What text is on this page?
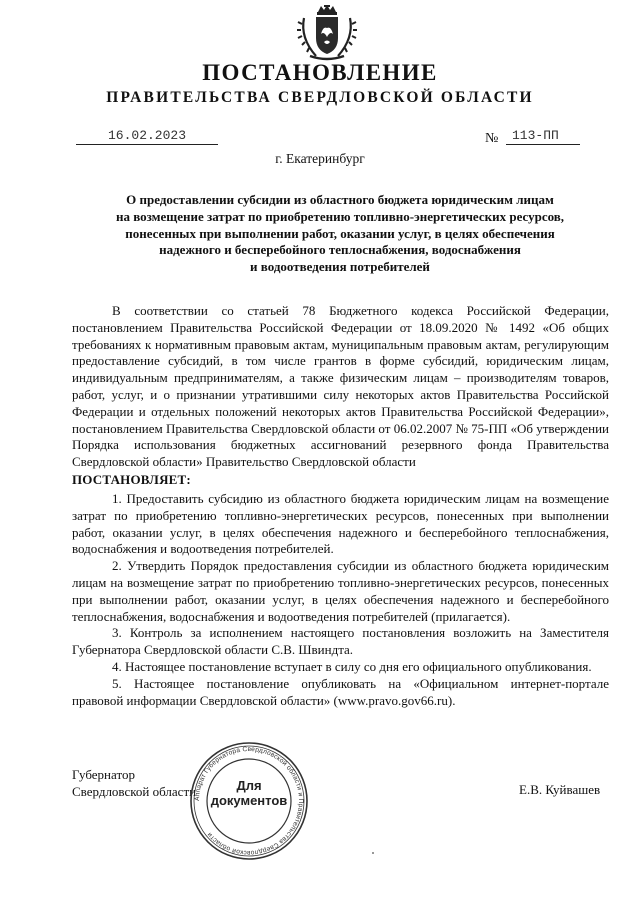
ПОСТАНОВЛЕНИЕ
ПРАВИТЕЛЬСТВА СВЕРДЛОВСКОЙ ОБЛАСТИ
16.02.2023	№	113-ПП
г. Екатеринбург
О предоставлении субсидии из областного бюджета юридическим лицам
на возмещение затрат по приобретению топливно-энергетических ресурсов,
понесенных при выполнении работ, оказании услуг, в целях обеспечения
надежного и бесперебойного теплоснабжения, водоснабжения
и водоотведения потребителей

В соответствии со статьей 78 Бюджетного кодекса Российской Федерации, постановлением Правительства Российской Федерации от 18.09.2020 № 1492 «Об общих требованиях к нормативным правовым актам, муниципальным правовым актам, регулирующим предоставление субсидий, в том числе грантов в форме субсидий, юридическим лицам, индивидуальным предпринимателям, а также физическим лицам – производителям товаров, работ, услуг, и о признании утратившими силу некоторых актов Правительства Российской Федерации и отдельных положений некоторых актов Правительства Российской Федерации», постановлением Правительства Свердловской области от 06.02.2007 № 75-ПП «Об утверждении Порядка использования бюджетных ассигнований резервного фонда Правительства Свердловской области» Правительство Свердловской области

ПОСТАНОВЛЯЕТ:

1. Предоставить субсидию из областного бюджета юридическим лицам на возмещение затрат по приобретению топливно-энергетических ресурсов, понесенных при выполнении работ, оказании услуг, в целях обеспечения надежного и бесперебойного теплоснабжения, водоснабжения и водоотведения потребителей.

2. Утвердить Порядок предоставления субсидии из областного бюджета юридическим лицам на возмещение затрат по приобретению топливно-энергетических ресурсов, понесенных при выполнении работ, оказании услуг, в целях обеспечения надежного и бесперебойного теплоснабжения, водоснабжения и водоотведения потребителей (прилагается).

3. Контроль за исполнением настоящего постановления возложить на Заместителя Губернатора Свердловской области С.В. Швиндта.

4. Настоящее постановление вступает в силу со дня его официального опубликования.

5. Настоящее постановление опубликовать на «Официальном интернет-портале правовой информации Свердловской области» (www.pravo.gov66.ru).

Губернатор
Свердловской области	Е.В. Куйвашев
Аппарат Губернатора Свердловской области и Правительства Свердловской области
Для
документов
